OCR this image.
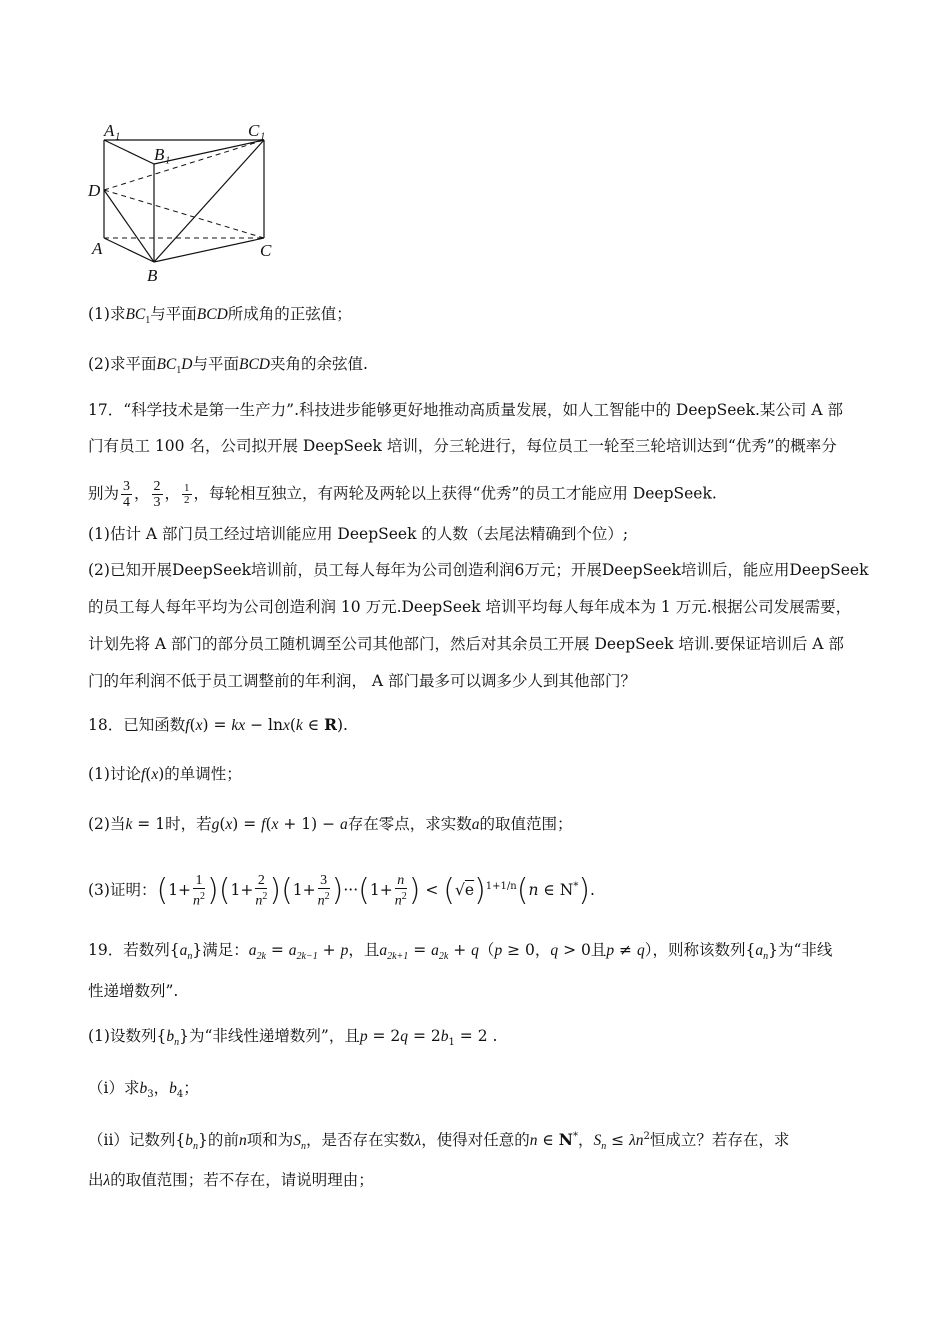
A₁
B₁
C₁
D
A
B
C
(1)求$BC_1$与平面BCD所成角的正弦值；
(2)求平面$BC_1D$与平面BCD夹角的余弦值.
17．“科学技术是第一生产力”.科技进步能够更好地推动高质量发展，如人工智能中的 DeepSeek.某公司 A 部
门有员工 100 名，公司拟开展 DeepSeek 培训，分三轮进行，每位员工一轮至三轮培训达到“优秀”的概率分
别为 $\frac{3}{4}$ ， $\frac{2}{3}$ ， $\frac{1}{2}$ ，每轮相互独立，有两轮及两轮以上获得“优秀”的员工才能应用 DeepSeek.
(1)估计 A 部门员工经过培训能应用 DeepSeek 的人数（去尾法精确到个位）;
(2)已知开展DeepSeek培训前，员工每人每年为公司创造利润6万元；开展DeepSeek培训后，能应用DeepSeek
的员工每人每年平均为公司创造利润 10 万元.DeepSeek 培训平均每人每年成本为 1 万元.根据公司发展需要，
计划先将 A 部门的部分员工随机调至公司其他部门，然后对其余员工开展 DeepSeek 培训.要保证培训后 A 部
门的年利润不低于员工调整前的年利润， A 部门最多可以调多少人到其他部门？
18．已知函数f(x) = kx − lnx(k ∈ R).
(1)讨论f(x)的单调性；
(2)当k = 1时，若g(x) = f(x + 1) − a存在零点，求实数a的取值范围；
(3)证明：$(1+ \frac{1}{n^2} )(1+ \frac{2}{n^2} )(1+ \frac{3}{n^2} )\cdot\cdot\cdot(1+ \frac{n}{n^2}$ ) < $(√e)^{1+1/n}(n$ ∈ N*).
19．若数列$\{a_n\}$满足：$a_{2k} = a_{2k-1} + p$，且$a_{2k+1} = a_{2k} + q(p \ge 0$，q > 0且p ≠ q），则称该数列$\{a_n\}$为“非线
性递增数列”.
(1)设数列$\{b_n\}$为“非线性递增数列”，且$p = 2q = 2b_1 = 2$ .
（i）求$b_3$，$b_4$；
（ii）记数列$\{b_n\}$的前n项和为$S_n$，是否存在实数λ，使得对任意的n ∈ N*，$S_n \le \lambda n^2$恒成立？若存在，求
出λ的取值范围；若不存在，请说明理由；
